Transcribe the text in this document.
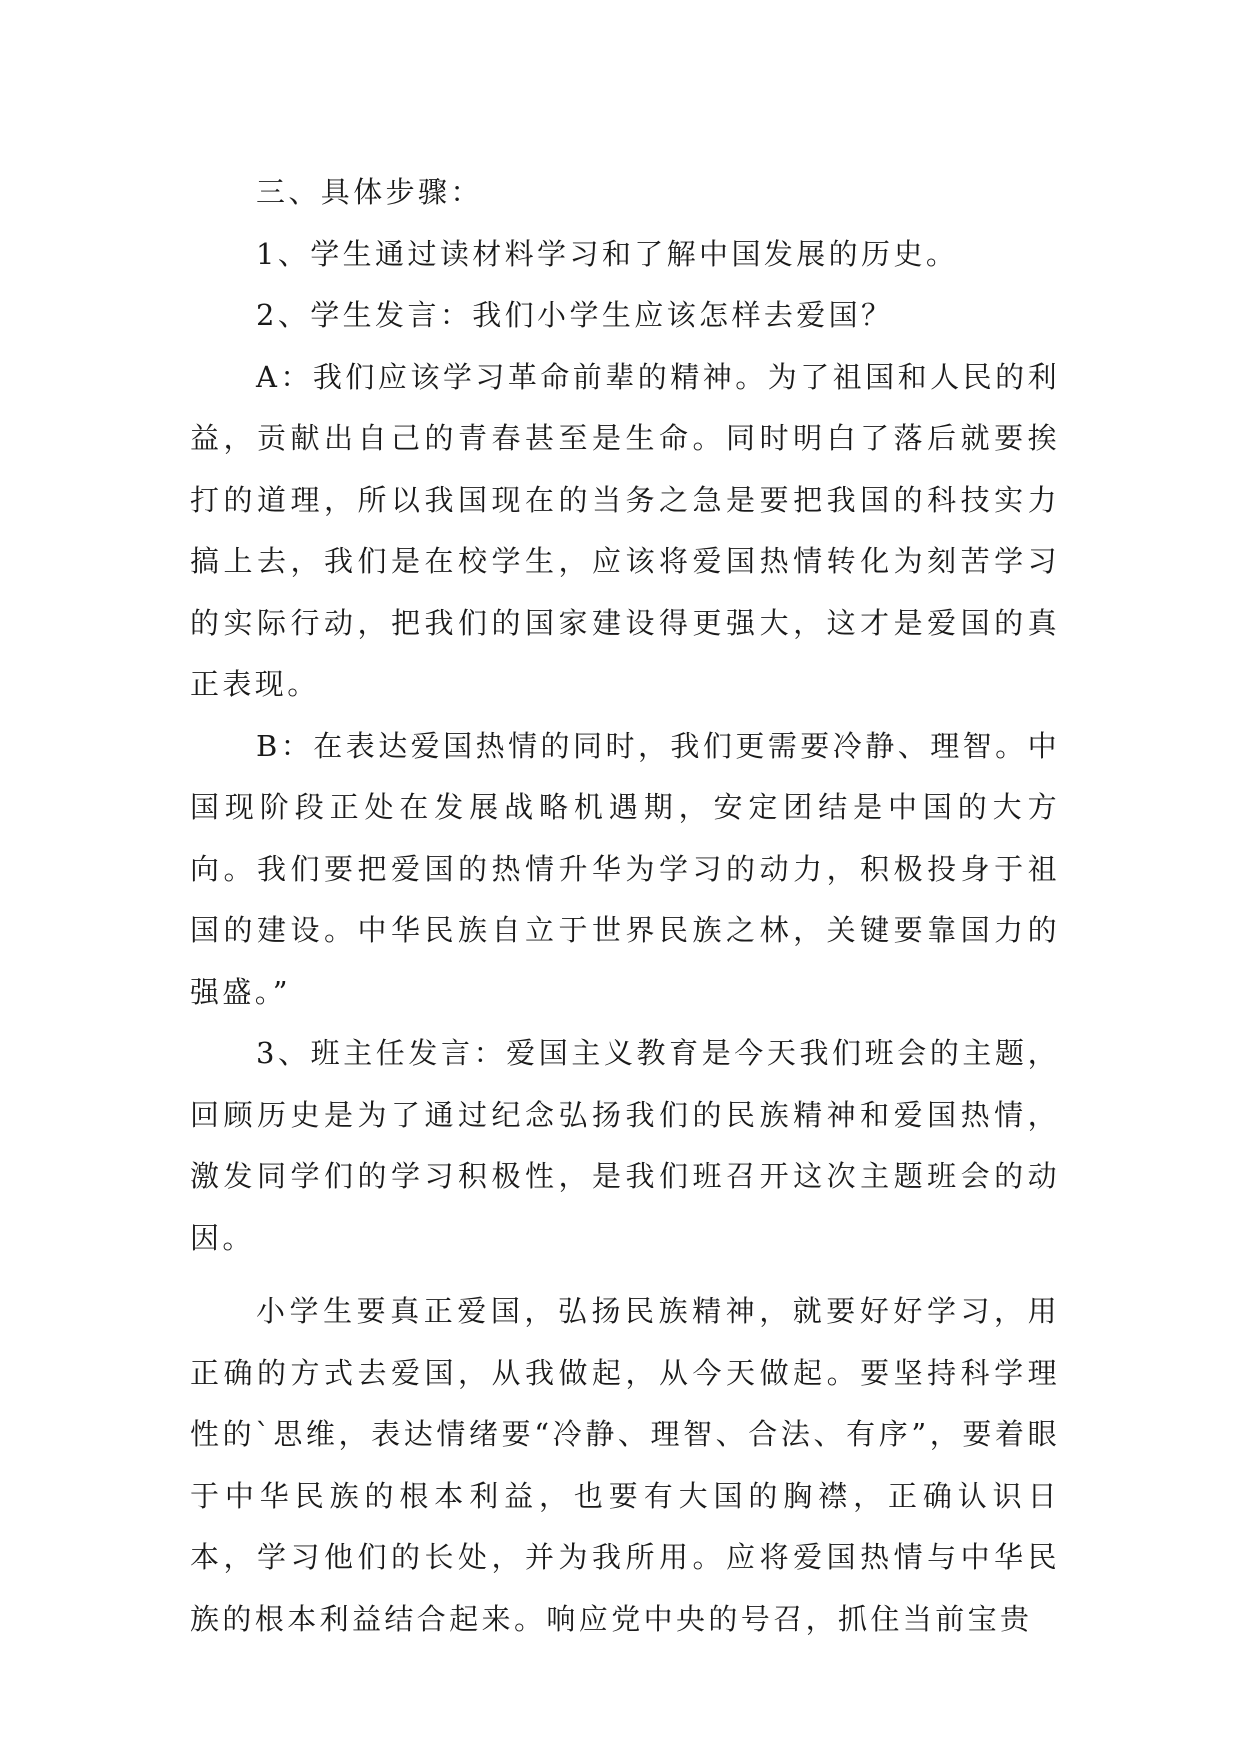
三、具体步骤：

1、学生通过读材料学习和了解中国发展的历史。

2、学生发言：我们小学生应该怎样去爱国？

A：我们应该学习革命前辈的精神。为了祖国和人民的利益，贡献出自己的青春甚至是生命。同时明白了落后就要挨打的道理，所以我国现在的当务之急是要把我国的科技实力搞上去，我们是在校学生，应该将爱国热情转化为刻苦学习的实际行动，把我们的国家建设得更强大，这才是爱国的真正表现。

B：在表达爱国热情的同时，我们更需要冷静、理智。中国现阶段正处在发展战略机遇期，安定团结是中国的大方向。我们要把爱国的热情升华为学习的动力，积极投身于祖国的建设。中华民族自立于世界民族之林，关键要靠国力的强盛。”

3、班主任发言：爱国主义教育是今天我们班会的主题，回顾历史是为了通过纪念弘扬我们的民族精神和爱国热情，激发同学们的学习积极性，是我们班召开这次主题班会的动因。

小学生要真正爱国，弘扬民族精神，就要好好学习，用正确的方式去爱国，从我做起，从今天做起。要坚持科学理性的`思维，表达情绪要“冷静、理智、合法、有序”，要着眼于中华民族的根本利益，也要有大国的胸襟，正确认识日本，学习他们的长处，并为我所用。应将爱国热情与中华民族的根本利益结合起来。响应党中央的号召，抓住当前宝贵
